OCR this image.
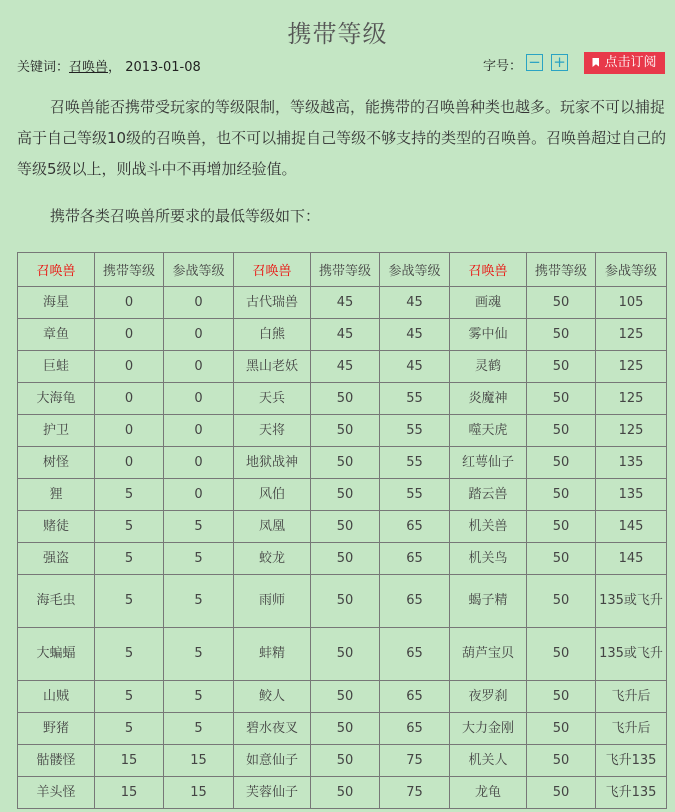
携带等级
关键词：召唤兽， 2013-01-08	字号： − +	点击订阅
召唤兽能否携带受玩家的等级限制，等级越高，能携带的召唤兽种类也越多。玩家不可以捕捉高于自己等级10级的召唤兽，也不可以捕捉自己等级不够支持的类型的召唤兽。召唤兽超过自己的等级5级以上，则战斗中不再增加经验值。
携带各类召唤兽所要求的最低等级如下：
召唤兽	携带等级	参战等级	召唤兽	携带等级	参战等级	召唤兽	携带等级	参战等级
海星	0	0	古代瑞兽	45	45	画魂	50	105
章鱼	0	0	白熊	45	45	雾中仙	50	125
巨蛙	0	0	黑山老妖	45	45	灵鹤	50	125
大海龟	0	0	天兵	50	55	炎魔神	50	125
护卫	0	0	天将	50	55	噬天虎	50	125
树怪	0	0	地狱战神	50	55	红萼仙子	50	135
狸	5	0	风伯	50	55	踏云兽	50	135
赌徒	5	5	凤凰	50	65	机关兽	50	145
强盗	5	5	蛟龙	50	65	机关鸟	50	145
海毛虫	5	5	雨师	50	65	蝎子精	50	135或飞升
大蝙蝠	5	5	蚌精	50	65	葫芦宝贝	50	135或飞升
山贼	5	5	鲛人	50	65	夜罗刹	50	飞升后
野猪	5	5	碧水夜叉	50	65	大力金刚	50	飞升后
骷髅怪	15	15	如意仙子	50	75	机关人	50	飞升135
羊头怪	15	15	芙蓉仙子	50	75	龙龟	50	飞升135
